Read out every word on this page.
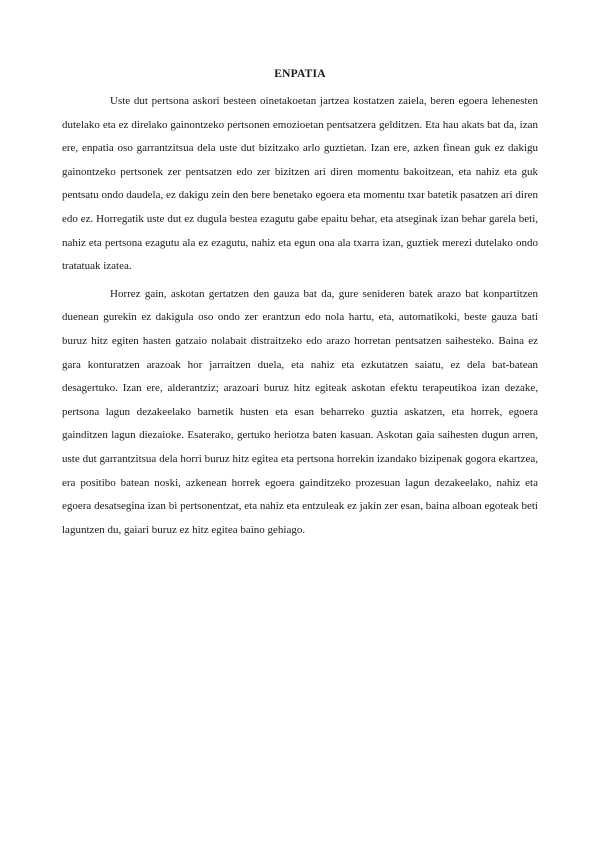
ENPATIA

Uste dut pertsona askori besteen oinetakoetan jartzea kostatzen zaiela, beren egoera lehenesten dutelako eta ez direlako gainontzeko pertsonen emozioetan pentsatzera gelditzen. Eta hau akats bat da, izan ere, enpatia oso garrantzitsua dela uste dut bizitzako arlo guztietan. Izan ere, azken finean guk ez dakigu gainontzeko pertsonek zer pentsatzen edo zer bizitzen ari diren momentu bakoitzean, eta nahiz eta guk pentsatu ondo daudela, ez dakigu zein den bere benetako egoera eta momentu txar batetik pasatzen ari diren edo ez. Horregatik uste dut ez dugula bestea ezagutu gabe epaitu behar, eta atseginak izan behar garela beti, nahiz eta pertsona ezagutu ala ez ezagutu, nahiz eta egun ona ala txarra izan, guztiek merezi dutelako ondo tratatuak izatea.

Horrez gain, askotan gertatzen den gauza bat da, gure senideren batek arazo bat konpartitzen duenean gurekin ez dakigula oso ondo zer erantzun edo nola hartu, eta, automatikoki, beste gauza bati buruz hitz egiten hasten gatzaio nolabait distraitzeko edo arazo horretan pentsatzen saihesteko. Baina ez gara konturatzen arazoak hor jarraitzen duela, eta nahiz eta ezkutatzen saiatu, ez dela bat-batean desagertuko. Izan ere, alderantziz; arazoari buruz hitz egiteak askotan efektu terapeutikoa izan dezake, pertsona lagun dezakeelako barnetik husten eta esan beharreko guztia askatzen, eta horrek, egoera gainditzen lagun diezaioke. Esaterako, gertuko heriotza baten kasuan. Askotan gaia saihesten dugun arren, uste dut garrantzitsua dela horri buruz hitz egitea eta pertsona horrekin izandako bizipenak gogora ekartzea, era positibo batean noski, azkenean horrek egoera gainditzeko prozesuan lagun dezakeelako, nahiz eta egoera desatsegina izan bi pertsonentzat, eta nahiz eta entzuleak ez jakin zer esan, baina alboan egoteak beti laguntzen du, gaiari buruz ez hitz egitea baino gehiago.
